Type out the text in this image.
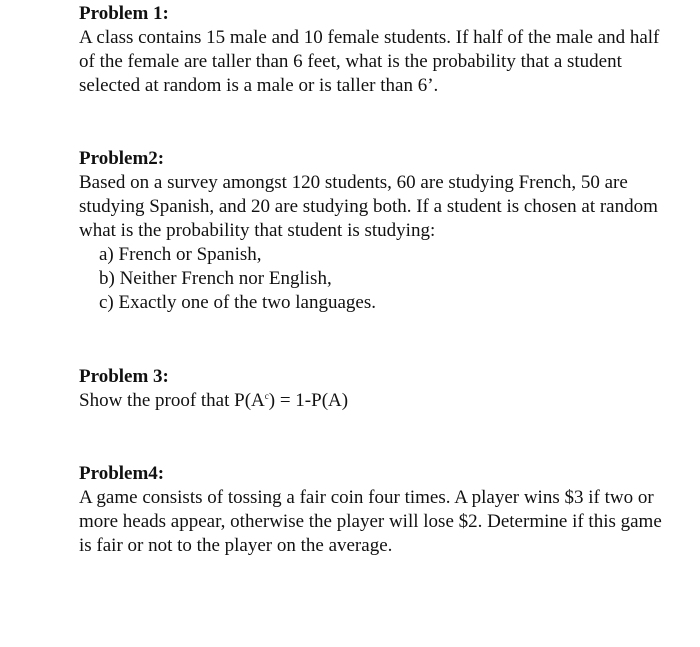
Problem 1:

A class contains 15 male and 10 female students. If half of the male and half of the female are taller than 6 feet, what is the probability that a student selected at random is a male or is taller than 6’.

Problem2:

Based on a survey amongst 120 students, 60 are studying French, 50 are studying Spanish, and 20 are studying both. If a student is chosen at random what is the probability that student is studying:

a) French or Spanish,
b) Neither French nor English,
c) Exactly one of the two languages.

Problem 3:

Show the proof that $P(A^c) = 1-P(A)$

Problem4:

A game consists of tossing a fair coin four times. A player wins $3 if two or more heads appear, otherwise the player will lose $2. Determine if this game is fair or not to the player on the average.
